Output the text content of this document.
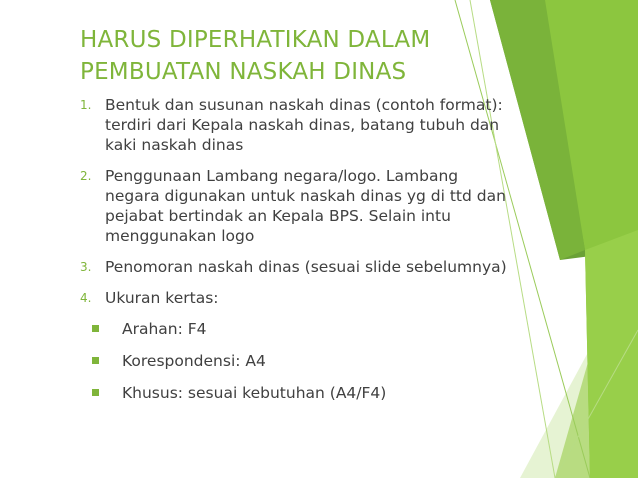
HARUS DIPERHATIKAN DALAM
PEMBUATAN NASKAH DINAS
1. Bentuk dan susunan naskah dinas (contoh format):
terdiri dari Kepala naskah dinas, batang tubuh dan
kaki naskah dinas
2. Penggunaan Lambang negara/logo. Lambang
negara digunakan untuk naskah dinas yg di ttd dan
pejabat bertindak an Kepala BPS. Selain intu
menggunakan logo
3. Penomoran naskah dinas (sesuai slide sebelumnya)
4. Ukuran kertas:
Arahan: F4
Korespondensi: A4
Khusus: sesuai kebutuhan (A4/F4)
